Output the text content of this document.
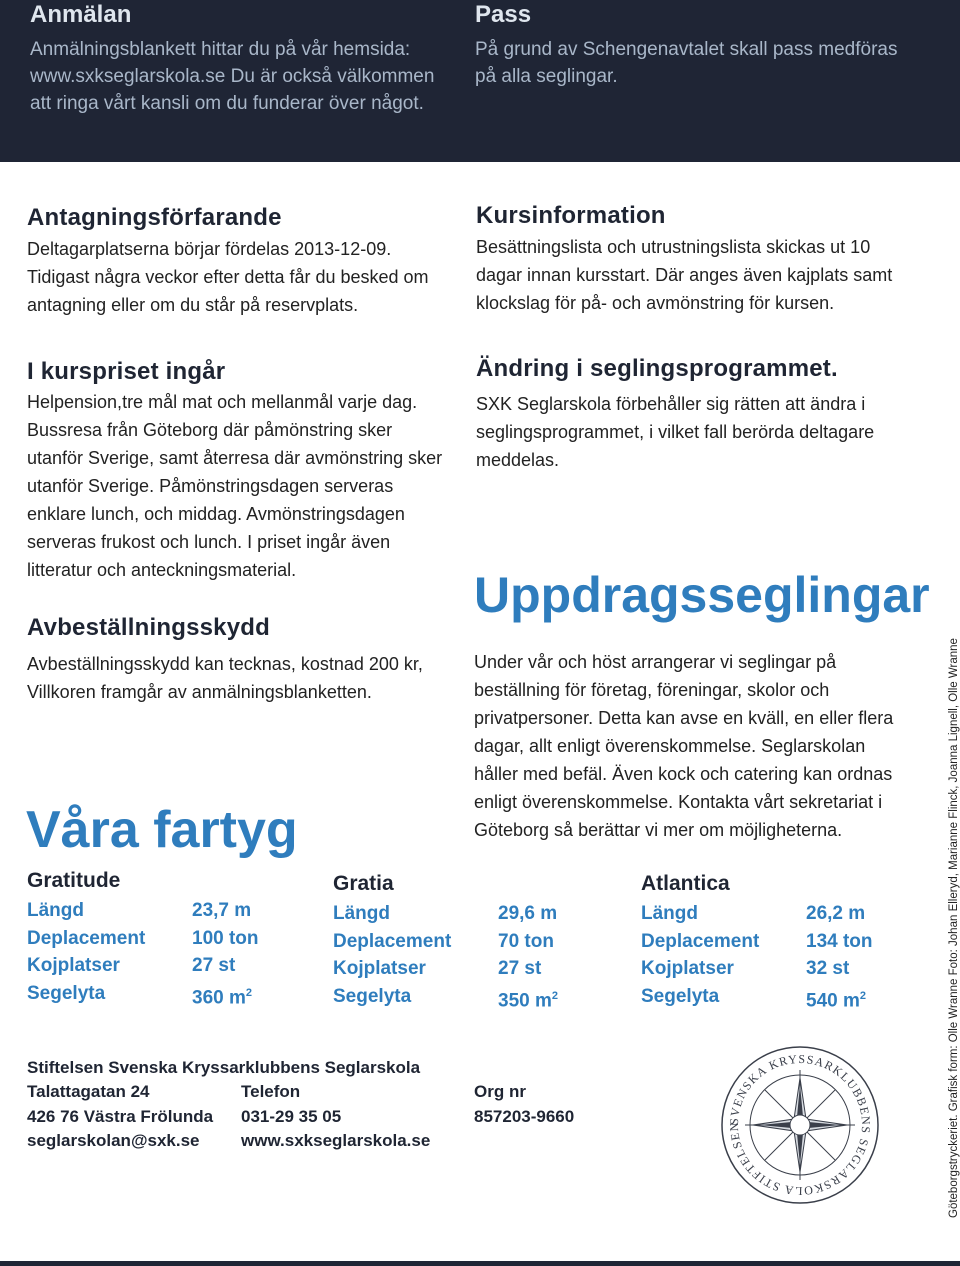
Anmälan

Anmälningsblankett hittar du på vår hemsida: www.sxkseglarskola.se Du är också välkommen att ringa vårt kansli om du funderar över något.

Pass

På grund av Schengenavtalet skall pass medföras på alla seglingar.

Antagningsförfarande

Deltagarplatserna börjar fördelas 2013-12-09. Tidigast några veckor efter detta får du besked om antagning eller om du står på reservplats.

I kurspriset ingår

Helpension,tre mål mat och mellanmål varje dag. Bussresa från Göteborg där påmönstring sker utanför Sverige, samt återresa där avmönstring sker utanför Sverige. Påmönstringsdagen serveras enklare lunch, och middag. Avmönstringsdagen serveras frukost och lunch. I priset ingår även litteratur och anteckningsmaterial.

Avbeställningsskydd

Avbeställningsskydd kan tecknas, kostnad 200 kr, Villkoren framgår av anmälningsblanketten.

Kursinformation

Besättningslista och utrustningslista skickas ut 10 dagar innan kursstart. Där anges även kajplats samt klockslag för på- och avmönstring för kursen.

Ändring i seglingsprogrammet.

SXK Seglarskola förbehåller sig rätten att ändra i seglingsprogrammet, i vilket fall berörda deltagare meddelas.

Uppdragsseglingar

Under vår och höst arrangerar vi seglingar på beställning för företag, föreningar, skolor och privatpersoner. Detta kan avse en kväll, en eller flera dagar, allt enligt överenskommelse. Seglarskolan håller med befäl. Även kock och catering kan ordnas enligt överenskommelse. Kontakta vårt sekretariat i Göteborg så berättar vi mer om möjligheterna.

Våra fartyg
Gratitude
Längd
Deplacement
Kojplatser
Segelyta
23,7 m
100 ton
27 st
360 $m^2$
Gratia
Längd
Deplacement
Kojplatser
Segelyta
29,6 m
70 ton
27 st
350 $m^2$
Atlantica
Längd
Deplacement
Kojplatser
Segelyta
26,2 m
134 ton
32 st
540 $m^2$
Stiftelsen Svenska Kryssarklubbens Seglarskola
Talattagatan 24
426 76 Västra Frölunda
seglarskolan@sxk.se
Telefon
031-29 35 05
www.sxkseglarskola.se
Org nr
857203-9660	SVENSKA KRYSSARKLUBBENS SEGLARSKOLA STIFTELSEN	Göteborgstryckeriet. Grafisk form: Olle Wranne Foto: Johan Elleryd, Marianne Flinck, Joanna Lignell, Olle Wranne
